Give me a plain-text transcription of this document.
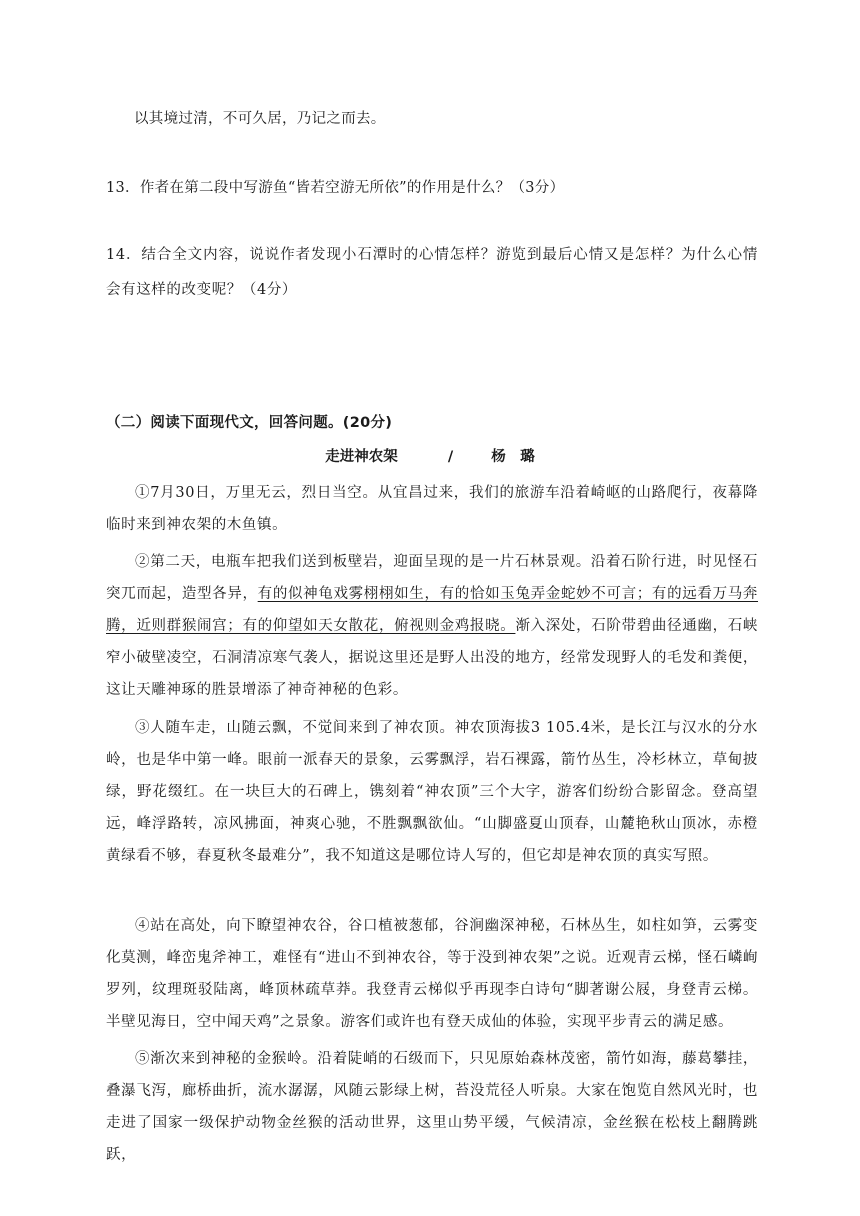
以其境过清，不可久居，乃记之而去。
13．作者在第二段中写游鱼“皆若空游无所依”的作用是什么？（3分）
14．结合全文内容，说说作者发现小石潭时的心情怎样？游览到最后心情又是怎样？为什么心情会有这样的改变呢？（4分）
（二）阅读下面现代文，回答问题。(20分)
走进神农架	/	杨　璐
①7月30日，万里无云，烈日当空。从宜昌过来，我们的旅游车沿着崎岖的山路爬行，夜幕降临时来到神农架的木鱼镇。
②第二天，电瓶车把我们送到板壁岩，迎面呈现的是一片石林景观。沿着石阶行进，时见怪石突兀而起，造型各异，有的似神龟戏雾栩栩如生，有的恰如玉兔弄金蛇妙不可言；有的远看万马奔腾，近则群猴闹宫；有的仰望如天女散花，俯视则金鸡报晓。渐入深处，石阶带碧曲径通幽，石峡窄小破壁凌空，石洞清凉寒气袭人，据说这里还是野人出没的地方，经常发现野人的毛发和粪便，这让天雕神琢的胜景增添了神奇神秘的色彩。
③人随车走，山随云飘，不觉间来到了神农顶。神农顶海拔3 105.4米，是长江与汉水的分水岭，也是华中第一峰。眼前一派春天的景象，云雾飘浮，岩石裸露，箭竹丛生，冷杉林立，草甸披绿，野花缀红。在一块巨大的石碑上，镌刻着“神农顶”三个大字，游客们纷纷合影留念。登高望远，峰浮路转，凉风拂面，神爽心驰，不胜飘飘欲仙。“山脚盛夏山顶春，山麓艳秋山顶冰，赤橙黄绿看不够，春夏秋冬最难分”，我不知道这是哪位诗人写的，但它却是神农顶的真实写照。
④站在高处，向下瞭望神农谷，谷口植被葱郁，谷涧幽深神秘，石林丛生，如柱如笋，云雾变化莫测，峰峦鬼斧神工，难怪有“进山不到神农谷，等于没到神农架”之说。近观青云梯，怪石嶙峋罗列，纹理斑驳陆离，峰顶林疏草莽。我登青云梯似乎再现李白诗句“脚著谢公屐，身登青云梯。半壁见海日，空中闻天鸡”之景象。游客们或许也有登天成仙的体验，实现平步青云的满足感。
⑤渐次来到神秘的金猴岭。沿着陡峭的石级而下，只见原始森林茂密，箭竹如海，藤葛攀挂，叠瀑飞泻，廊桥曲折，流水潺潺，风随云影绿上树，苔没荒径人听泉。大家在饱览自然风光时，也走进了国家一级保护动物金丝猴的活动世界，这里山势平缓，气候清凉，金丝猴在松枝上翻腾跳跃，
